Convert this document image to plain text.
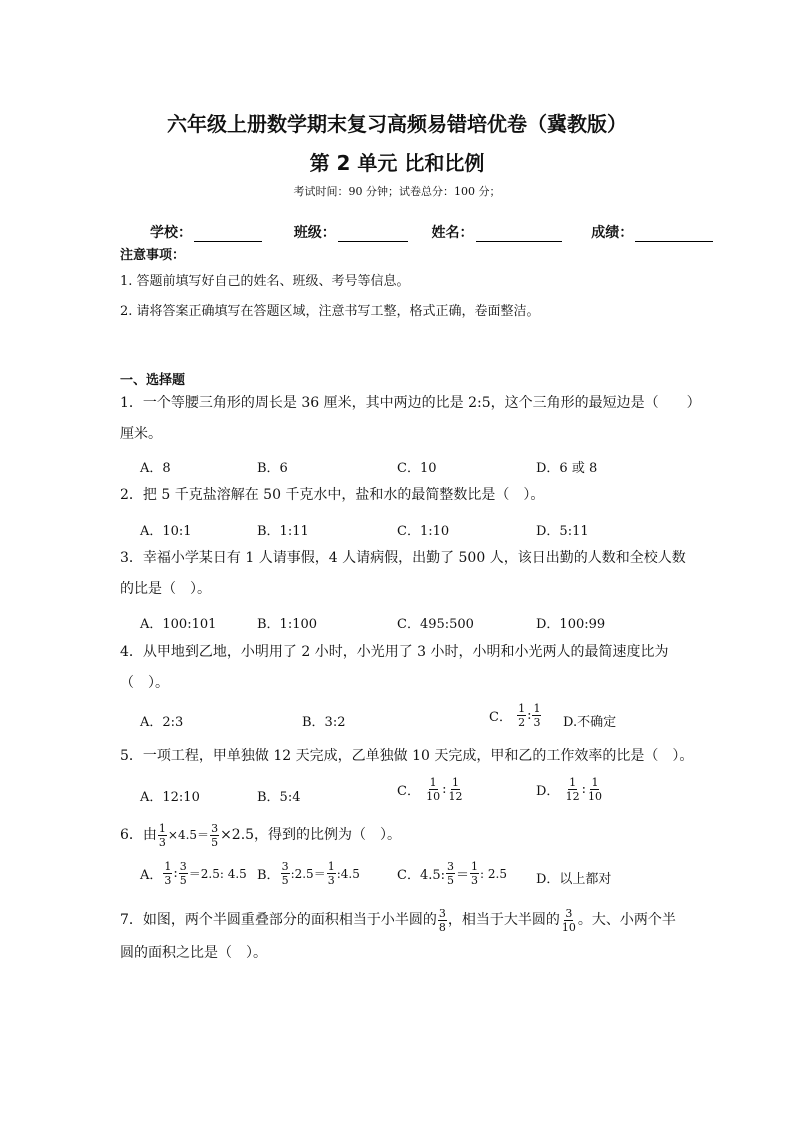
六年级上册数学期末复习高频易错培优卷（冀教版）
第 2 单元 比和比例
考试时间：90 分钟；试卷总分：100 分；
学校：	班级：	姓名：	成绩：
注意事项：
1. 答题前填写好自己的姓名、班级、考号等信息。
2. 请将答案正确填写在答题区域，注意书写工整，格式正确，卷面整洁。
一、选择题
1．一个等腰三角形的周长是 36 厘米，其中两边的比是 2:5，这个三角形的最短边是（　　）
厘米。
A．8	B．6	C．10	D．6 或 8
2．把 5 千克盐溶解在 50 千克水中，盐和水的最简整数比是（　）。
A．10:1	B．1:11	C．1:10	D．5:11
3．幸福小学某日有 1 人请事假，4 人请病假，出勤了 500 人，该日出勤的人数和全校人数
的比是（　）。
A．100:101	B．1:100	C．495:500	D．100:99
4．从甲地到乙地，小明用了 2 小时，小光用了 3 小时，小明和小光两人的最简速度比为
（　）。
A．2:3	B．3:2	C． $\frac{1}{2}$ : $\frac{1}{3} D$.不确定
5．一项工程，甲单独做 12 天完成，乙单独做 10 天完成，甲和乙的工作效率的比是（　）。
A．12:10	B．5:4	C． $\frac{1}{10}$ : $\frac{1}{12}$	D． $\frac{1}{12}$ : $\frac{1}{10}$
6．由 $\frac{1}{3} \times 4.5= \frac{3}{5} \times 2.5$，得到的比例为（　）。
A． $\frac{1}{3}$ : $\frac{3}{5} =2.5$: 4.5 B． $\frac{3}{5}$ :2.5＝ $\frac{1}{3}$ :4.5	C．4.5: $\frac{3}{5} = \frac{1}{3}$ : 2.5 D．以上都对
7．如图，两个半圆重叠部分的面积相当于小半圆的 $\frac{3}{8}$ ，相当于大半圆的 $\frac{3}{10}$ 。大、小两个半
圆的面积之比是（　）。
